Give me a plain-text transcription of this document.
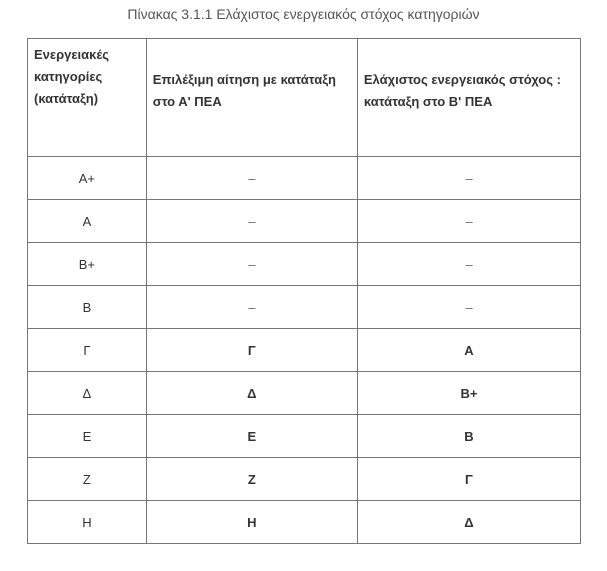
Πίνακας 3.1.1 Ελάχιστος ενεργειακός στόχος κατηγοριών
Ενεργειακές κατηγορίες (κατάταξη)	Επιλέξιμη αίτηση με κατάταξη στο Α' ΠΕΑ	Ελάχιστος ενεργειακός στόχος : κατάταξη στο Β' ΠΕΑ

Α+	–	–
Α	–	–
Β+	–	–
Β	–	–
Γ	Γ	Α
Δ	Δ	Β+
Ε	Ε	Β
Ζ	Ζ	Γ
Η	Η	Δ
